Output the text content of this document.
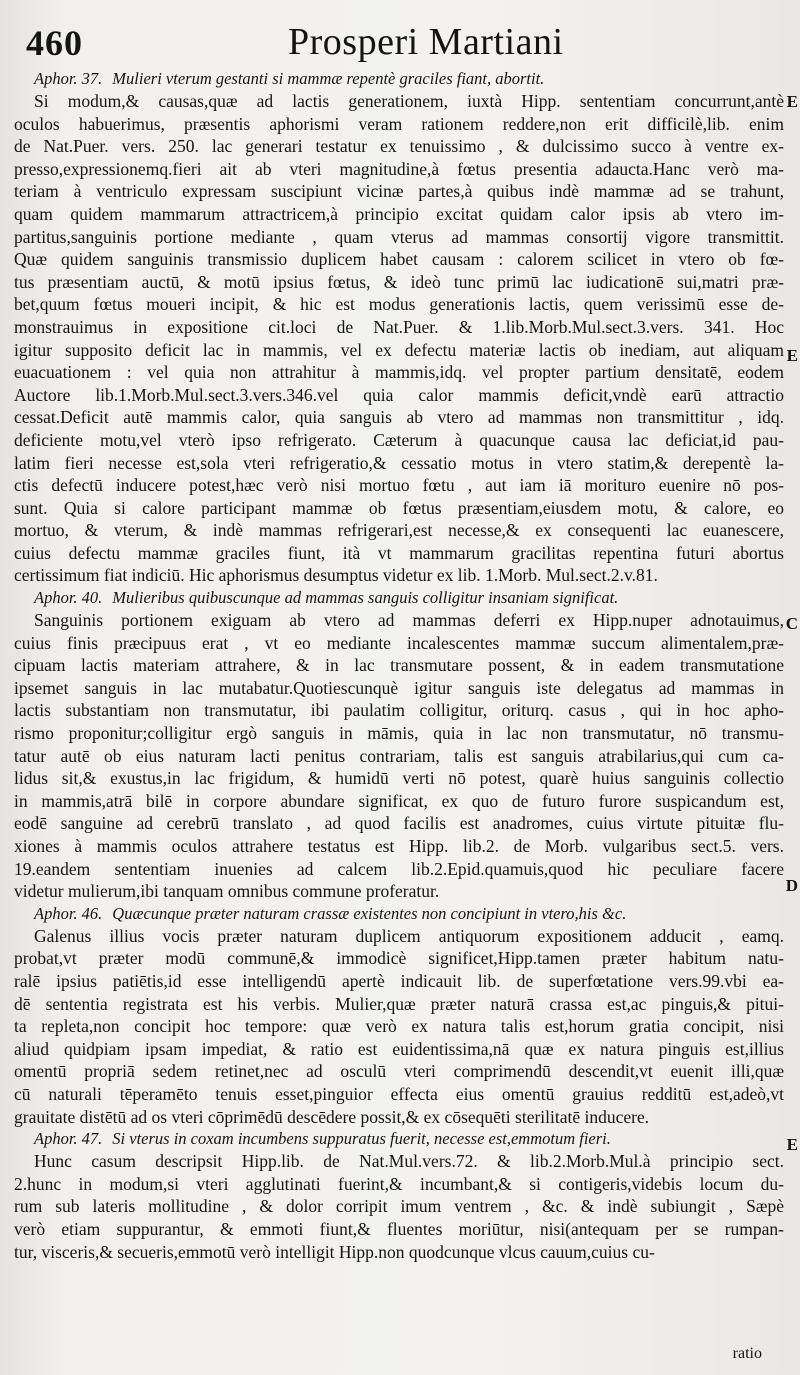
460	Prosperi Martiani
Aphor. 37. Mulieri vterum gestanti si mammæ repentè graciles fiant, abortit.
Si modum,& causas,quæ ad lactis generationem, iuxtà Hipp. sententiam concurrunt,antè
oculos habuerimus, præsentis aphorismi veram rationem reddere,non erit difficilè,lib. enim
de Nat.Puer. vers. 250. lac generari testatur ex tenuissimo , & dulcissimo succo à ventre ex-
presso,expressionemq.fieri ait ab vteri magnitudine,à fœtus presentia adaucta.Hanc verò ma-
teriam à ventriculo expressam suscipiunt vicinæ partes,à quibus indè mammæ ad se trahunt,
quam quidem mammarum attractricem,à principio excitat quidam calor ipsis ab vtero im-
partitus,sanguinis portione mediante , quam vterus ad mammas consortij vigore transmittit.
Quæ quidem sanguinis transmissio duplicem habet causam : calorem scilicet in vtero ob fœ-
tus præsentiam auctū, & motū ipsius fœtus, & ideò tunc primū lac iudicationē sui,matri præ-
bet,quum fœtus moueri incipit, & hic est modus generationis lactis, quem verissimū esse de-
monstrauimus in expositione cit.loci de Nat.Puer. & 1.lib.Morb.Mul.sect.3.vers. 341. Hoc
igitur supposito deficit lac in mammis, vel ex defectu materiæ lactis ob inediam, aut aliquam
euacuationem : vel quia non attrahitur à mammis,idq. vel propter partium densitatē, eodem
Auctore lib.1.Morb.Mul.sect.3.vers.346.vel quia calor mammis deficit,vndè earū attractio
cessat.Deficit autē mammis calor, quia sanguis ab vtero ad mammas non transmittitur , idq.
deficiente motu,vel vterò ipso refrigerato. Cæterum à quacunque causa lac deficiat,id pau-
latim fieri necesse est,sola vteri refrigeratio,& cessatio motus in vtero statim,& derepentè la-
ctis defectū inducere potest,hæc verò nisi mortuo fœtu , aut iam iā morituro euenire nō pos-
sunt. Quia si calore participant mammæ ob fœtus præsentiam,eiusdem motu, & calore, eo
mortuo, & vterum, & indè mammas refrigerari,est necesse,& ex consequenti lac euanescere,
cuius defectu mammæ graciles fiunt, ità vt mammarum gracilitas repentina futuri abortus
certissimum fiat indiciū. Hic aphorismus desumptus videtur ex lib. 1.Morb. Mul.sect.2.v.81.
Aphor. 40. Mulieribus quibuscunque ad mammas sanguis colligitur insaniam significat.
Sanguinis portionem exiguam ab vtero ad mammas deferri ex Hipp.nuper adnotauimus,
cuius finis præcipuus erat , vt eo mediante incalescentes mammæ succum alimentalem,præ-
cipuam lactis materiam attrahere, & in lac transmutare possent, & in eadem transmutatione
ipsemet sanguis in lac mutabatur.Quotiescunquè igitur sanguis iste delegatus ad mammas in
lactis substantiam non transmutatur, ibi paulatim colligitur, oriturq. casus , qui in hoc apho-
rismo proponitur;colligitur ergò sanguis in māmis, quia in lac non transmutatur, nō transmu-
tatur autē ob eius naturam lacti penitus contrariam, talis est sanguis atrabilarius,qui cum ca-
lidus sit,& exustus,in lac frigidum, & humidū verti nō potest, quarè huius sanguinis collectio
in mammis,atrā bilē in corpore abundare significat, ex quo de futuro furore suspicandum est,
eodē sanguine ad cerebrū translato , ad quod facilis est anadromes, cuius virtute pituitæ flu-
xiones à mammis oculos attrahere testatus est Hipp. lib.2. de Morb. vulgaribus sect.5. vers.
19.eandem sententiam inuenies ad calcem lib.2.Epid.quamuis,quod hic peculiare facere
videtur mulierum,ibi tanquam omnibus commune proferatur.
Aphor. 46. Quæcunque præter naturam crassæ existentes non concipiunt in vtero,his &c.
Galenus illius vocis præter naturam duplicem antiquorum expositionem adducit , eamq.
probat,vt præter modū communē,& immodicè significet,Hipp.tamen præter habitum natu-
ralē ipsius patiētis,id esse intelligendū apertè indicauit lib. de superfœtatione vers.99.vbi ea-
dē sententia registrata est his verbis. Mulier,quæ præter naturā crassa est,ac pinguis,& pitui-
ta repleta,non concipit hoc tempore: quæ verò ex natura talis est,horum gratia concipit, nisi
aliud quidpiam ipsam impediat, & ratio est euidentissima,nā quæ ex natura pinguis est,illius
omentū propriā sedem retinet,nec ad osculū vteri comprimendū descendit,vt euenit illi,quæ
cū naturali tēperamēto tenuis esset,pinguior effecta eius omentū grauius redditū est,adeò,vt
grauitate distētū ad os vteri cōprimēdū descēdere possit,& ex cōsequēti sterilitatē inducere.
Aphor. 47. Si vterus in coxam incumbens suppuratus fuerit, necesse est,emmotum fieri.
Hunc casum descripsit Hipp.lib. de Nat.Mul.vers.72. & lib.2.Morb.Mul.à principio sect.
2.hunc in modum,si vteri agglutinati fuerint,& incumbant,& si contigeris,videbis locum du-
rum sub lateris mollitudine , & dolor corripit imum ventrem , &c. & indè subiungit , Sæpè
verò etiam suppurantur, & emmoti fiunt,& fluentes moriūtur, nisi(antequam per se rumpan-
tur, visceris,& secueris,emmotū verò intelligit Hipp.non quodcunque vlcus cauum,cuius cu-
E
E
C
D
E
ratio
